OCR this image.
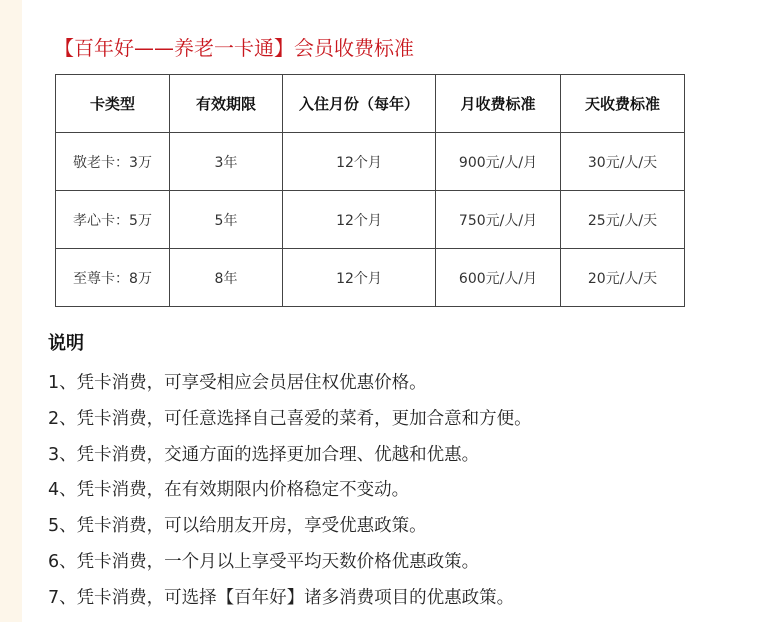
【百年好——养老一卡通】会员收费标准
卡类型	有效期限	入住月份（每年）	月收费标准	天收费标准
敬老卡：3万	3年	12个月	900元/人/月	30元/人/天
孝心卡：5万	5年	12个月	750元/人/月	25元/人/天
至尊卡：8万	8年	12个月	600元/人/月	20元/人/天
说明
1、凭卡消费，可享受相应会员居住权优惠价格。
2、凭卡消费，可任意选择自己喜爱的菜肴，更加合意和方便。
3、凭卡消费，交通方面的选择更加合理、优越和优惠。
4、凭卡消费，在有效期限内价格稳定不变动。
5、凭卡消费，可以给朋友开房，享受优惠政策。
6、凭卡消费，一个月以上享受平均天数价格优惠政策。
7、凭卡消费，可选择【百年好】诸多消费项目的优惠政策。
